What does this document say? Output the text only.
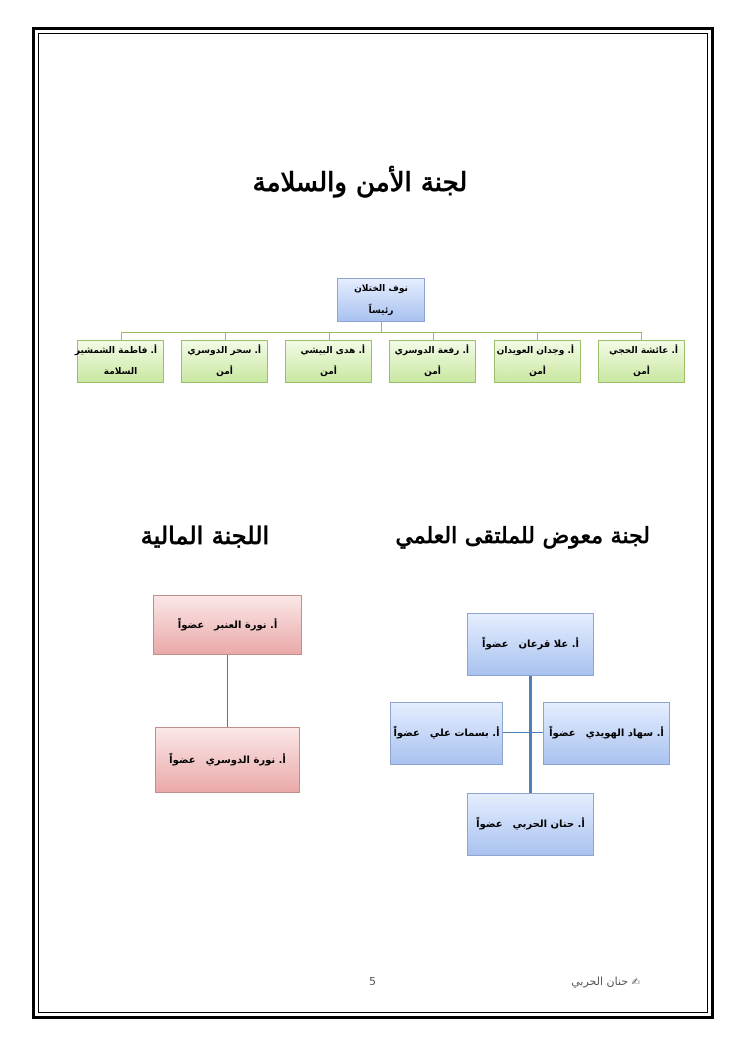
لجنة الأمن والسلامة
نوف الختلان
رئيساً
أ. عائشة الحجي
أمن
أ. وجدان العويدان
أمن
أ. رفعة الدوسري
أمن
أ. هدى البيشي
أمن
أ. سحر الدوسري
أمن
أ. فاطمة الشمشير
السلامة
اللجنة المالية	لجنة معوض للملتقى العلمي
أ. نورة العنبر
عضواً
أ. نورة الدوسري
عضواً
أ. علا قرعان
عضواً
أ. سهاد الهويدي
عضواً
أ. بسمات علي
عضواً
أ. حنان الحربي
عضواً
5	✍ حنان الحربي
